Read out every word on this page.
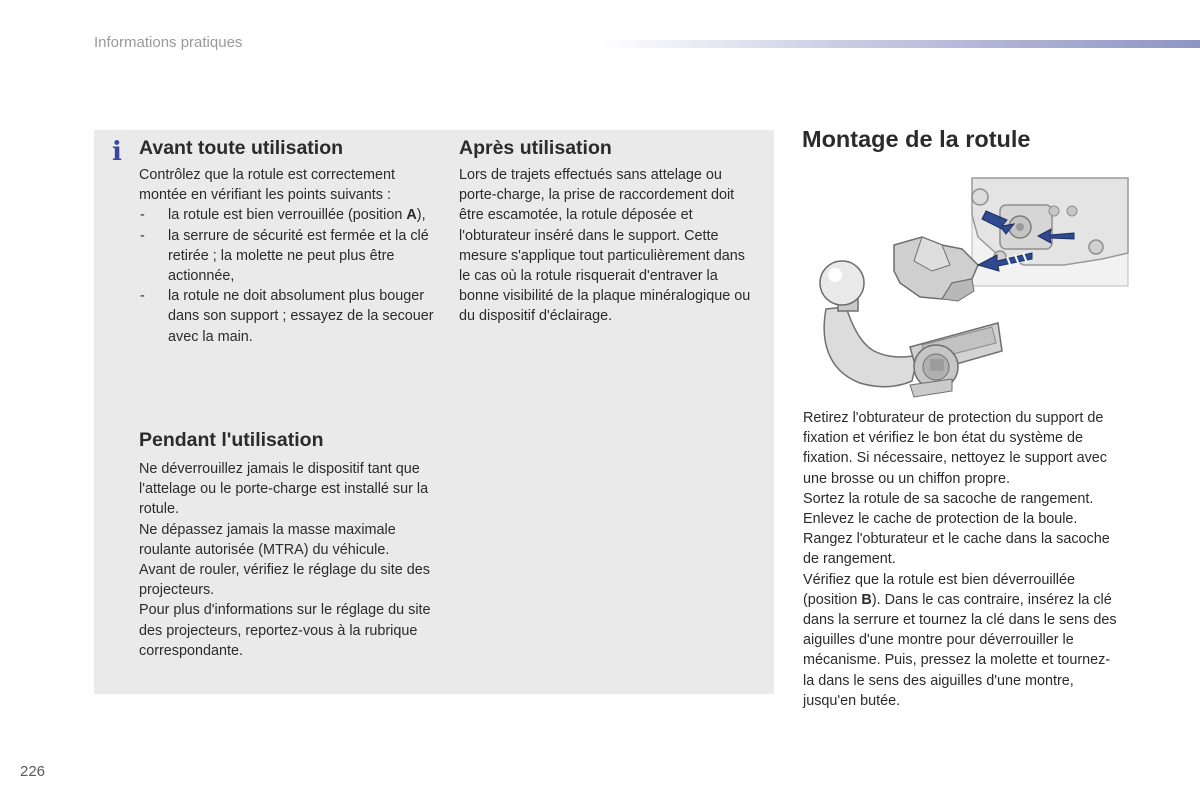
Informations pratiques
i Avant toute utilisation

Contrôlez que la rotule est correctement montée en vérifiant les points suivants :

- la rotule est bien verrouillée (position A),
- la serrure de sécurité est fermée et la clé retirée ; la molette ne peut plus être actionnée,
- la rotule ne doit absolument plus bouger dans son support ; essayez de la secouer avec la main.
Après utilisation

Lors de trajets effectués sans attelage ou porte-charge, la prise de raccordement doit être escamotée, la rotule déposée et l'obturateur inséré dans le support. Cette mesure s'applique tout particulièrement dans le cas où la rotule risquerait d'entraver la bonne visibilité de la plaque minéralogique ou du dispositif d'éclairage.

Pendant l'utilisation

Ne déverrouillez jamais le dispositif tant que l'attelage ou le porte-charge est installé sur la rotule.

Ne dépassez jamais la masse maximale roulante autorisée (MTRA) du véhicule.

Avant de rouler, vérifiez le réglage du site des projecteurs.

Pour plus d'informations sur le réglage du site des projecteurs, reportez-vous à la rubrique correspondante.

Montage de la rotule

Retirez l'obturateur de protection du support de fixation et vérifiez le bon état du système de fixation. Si nécessaire, nettoyez le support avec une brosse ou un chiffon propre.

Sortez la rotule de sa sacoche de rangement.

Enlevez le cache de protection de la boule.

Rangez l'obturateur et le cache dans la sacoche de rangement.

Vérifiez que la rotule est bien déverrouillée (position B). Dans le cas contraire, insérez la clé dans la serrure et tournez la clé dans le sens des aiguilles d'une montre pour déverrouiller le mécanisme. Puis, pressez la molette et tournez-la dans le sens des aiguilles d'une montre, jusqu'en butée.

226
